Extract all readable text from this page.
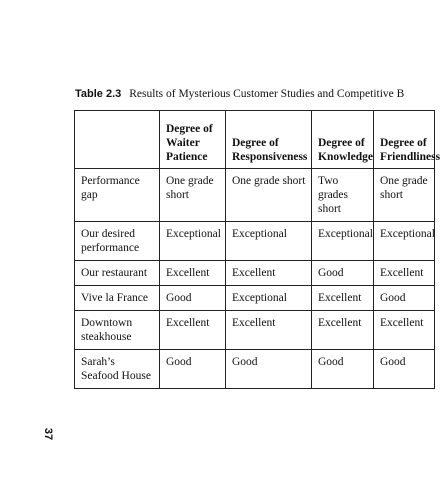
Table 2.3 Results of Mysterious Customer Studies and Competitive B
	Degree of Waiter Patience	Degree of Responsiveness	Degree of Knowledge	Degree of Friendliness
Performance gap	One grade short	One grade short	Two grades short	One grade short
Our desired performance	Exceptional	Exceptional	Exceptional	Exceptional
Our restaurant	Excellent	Excellent	Good	Excellent
Vive la France	Good	Exceptional	Excellent	Good
Downtown steakhouse	Excellent	Excellent	Excellent	Excellent
Sarah’s Seafood House	Good	Good	Good	Good
37
